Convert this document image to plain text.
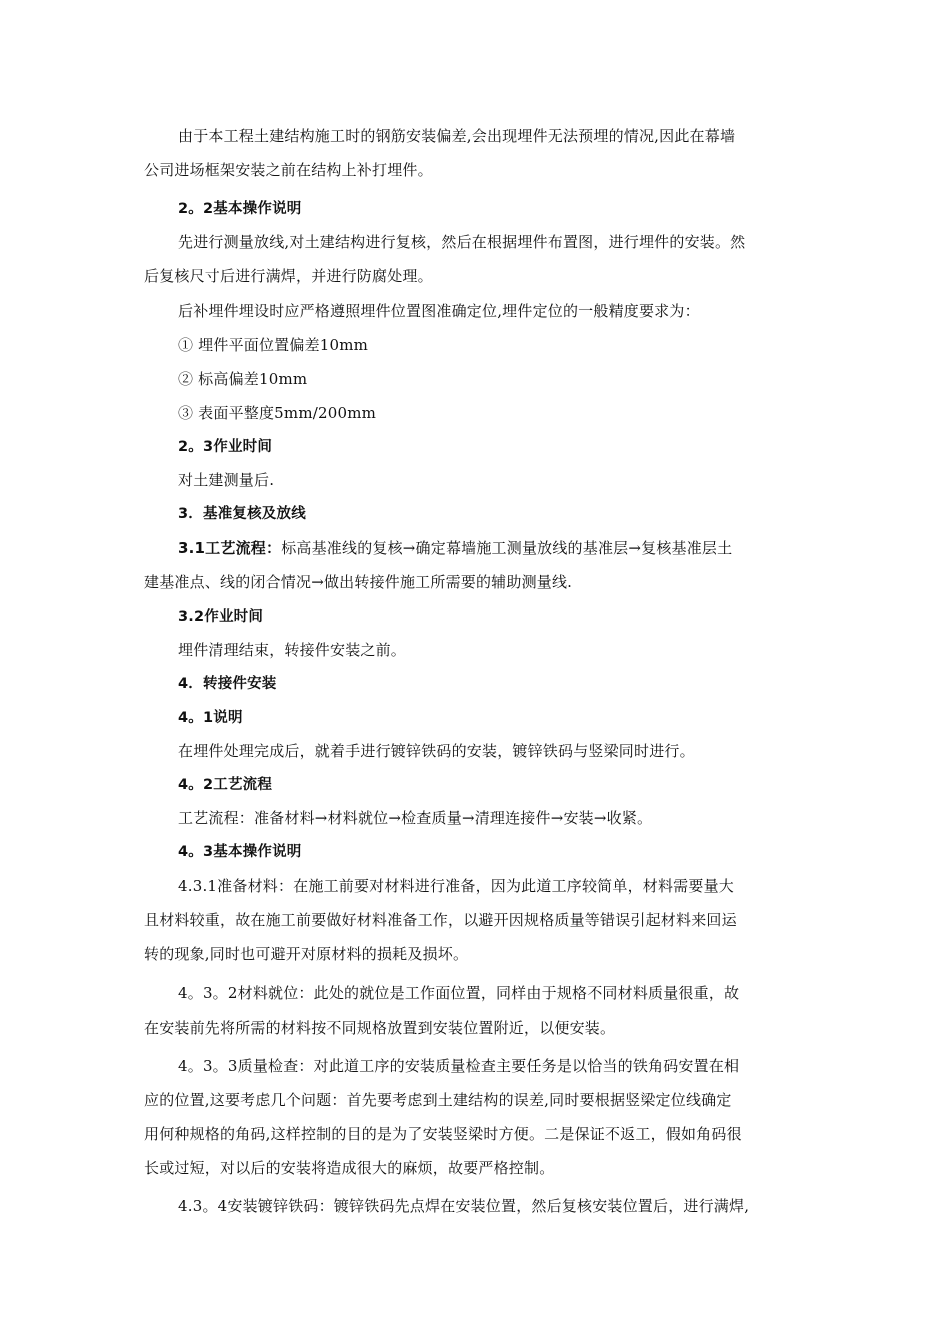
由于本工程土建结构施工时的钢筋安装偏差,会出现埋件无法预埋的情况,因此在幕墙
公司进场框架安装之前在结构上补打埋件。
2。2基本操作说明
先进行测量放线,对土建结构进行复核，然后在根据埋件布置图，进行埋件的安装。然
后复核尺寸后进行满焊，并进行防腐处理。
后补埋件埋设时应严格遵照埋件位置图准确定位,埋件定位的一般精度要求为：
① 埋件平面位置偏差10mm
② 标高偏差10mm
③ 表面平整度5mm/200mm
2。3作业时间
对土建测量后.
3．基准复核及放线
3.1工艺流程：标高基准线的复核→确定幕墙施工测量放线的基准层→复核基准层土
建基准点、线的闭合情况→做出转接件施工所需要的辅助测量线.
3.2作业时间
埋件清理结束，转接件安装之前。
4．转接件安装
4。1说明
在埋件处理完成后，就着手进行镀锌铁码的安装，镀锌铁码与竖梁同时进行。
4。2工艺流程
工艺流程：准备材料→材料就位→检查质量→清理连接件→安装→收紧。
4。3基本操作说明
4.3.1准备材料：在施工前要对材料进行准备，因为此道工序较简单，材料需要量大
且材料较重，故在施工前要做好材料准备工作，以避开因规格质量等错误引起材料来回运
转的现象,同时也可避开对原材料的损耗及损坏。
4。3。2材料就位：此处的就位是工作面位置，同样由于规格不同材料质量很重，故
在安装前先将所需的材料按不同规格放置到安装位置附近，以便安装。
4。3。3质量检查：对此道工序的安装质量检查主要任务是以恰当的铁角码安置在相
应的位置,这要考虑几个问题：首先要考虑到土建结构的误差,同时要根据竖梁定位线确定
用何种规格的角码,这样控制的目的是为了安装竖梁时方便。二是保证不返工，假如角码很
长或过短，对以后的安装将造成很大的麻烦，故要严格控制。
4.3。4安装镀锌铁码：镀锌铁码先点焊在安装位置，然后复核安装位置后，进行满焊,
